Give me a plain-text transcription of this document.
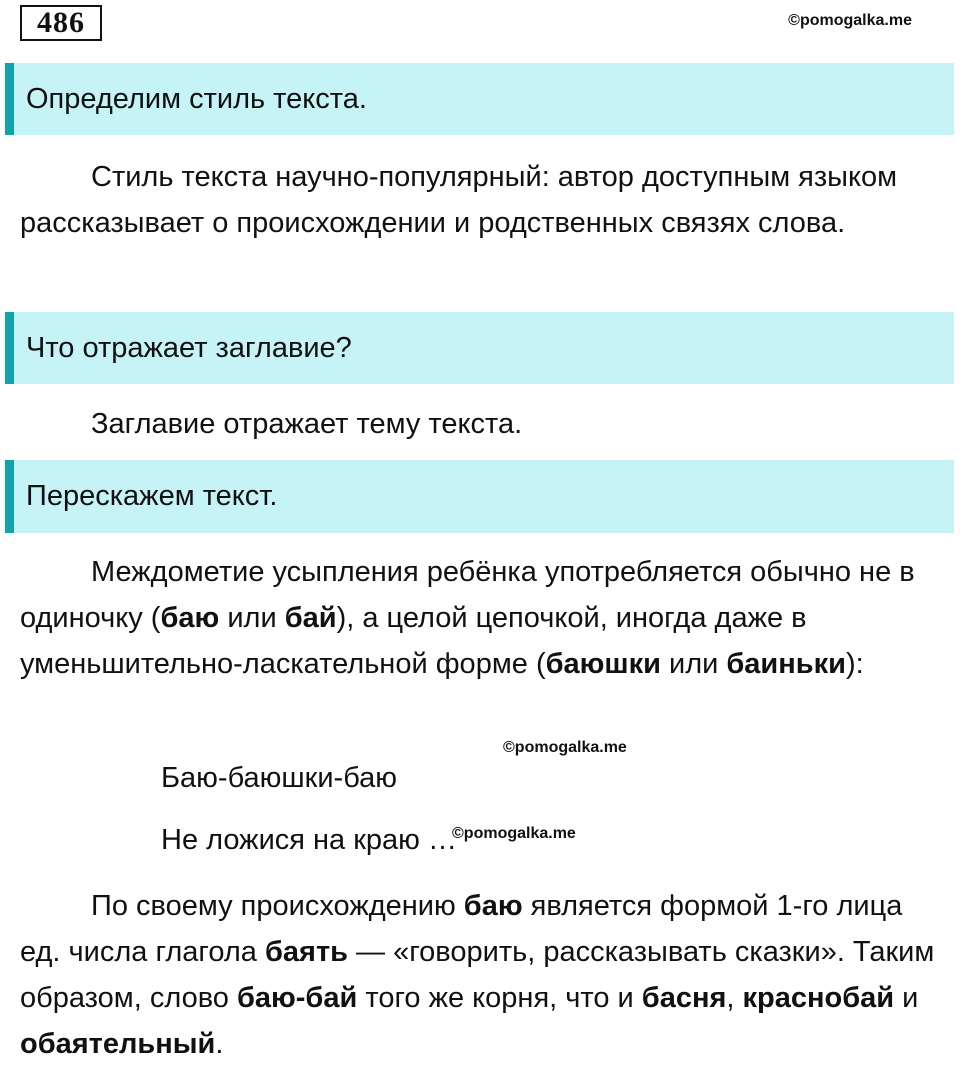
486	©pomogalka.me
Определим стиль текста.

Стиль текста научно-популярный: автор доступным языком рассказывает о происхождении и родственных связях слова.

Что отражает заглавие?

Заглавие отражает тему текста.

Перескажем текст.

Междометие усыпления ребёнка употребляется обычно не в одиночку (баю или бай), а целой цепочкой, иногда даже в уменьшительно-ласкательной форме (баюшки или баиньки):

©pomogalka.me

Баю-баюшки-баю

Не ложися на краю …

©pomogalka.me

По своему происхождению баю является формой 1-го лица ед. числа глагола баять — «говорить, рассказывать сказки». Таким образом, слово баю-бай того же корня, что и басня, краснобай и обаятельный.
